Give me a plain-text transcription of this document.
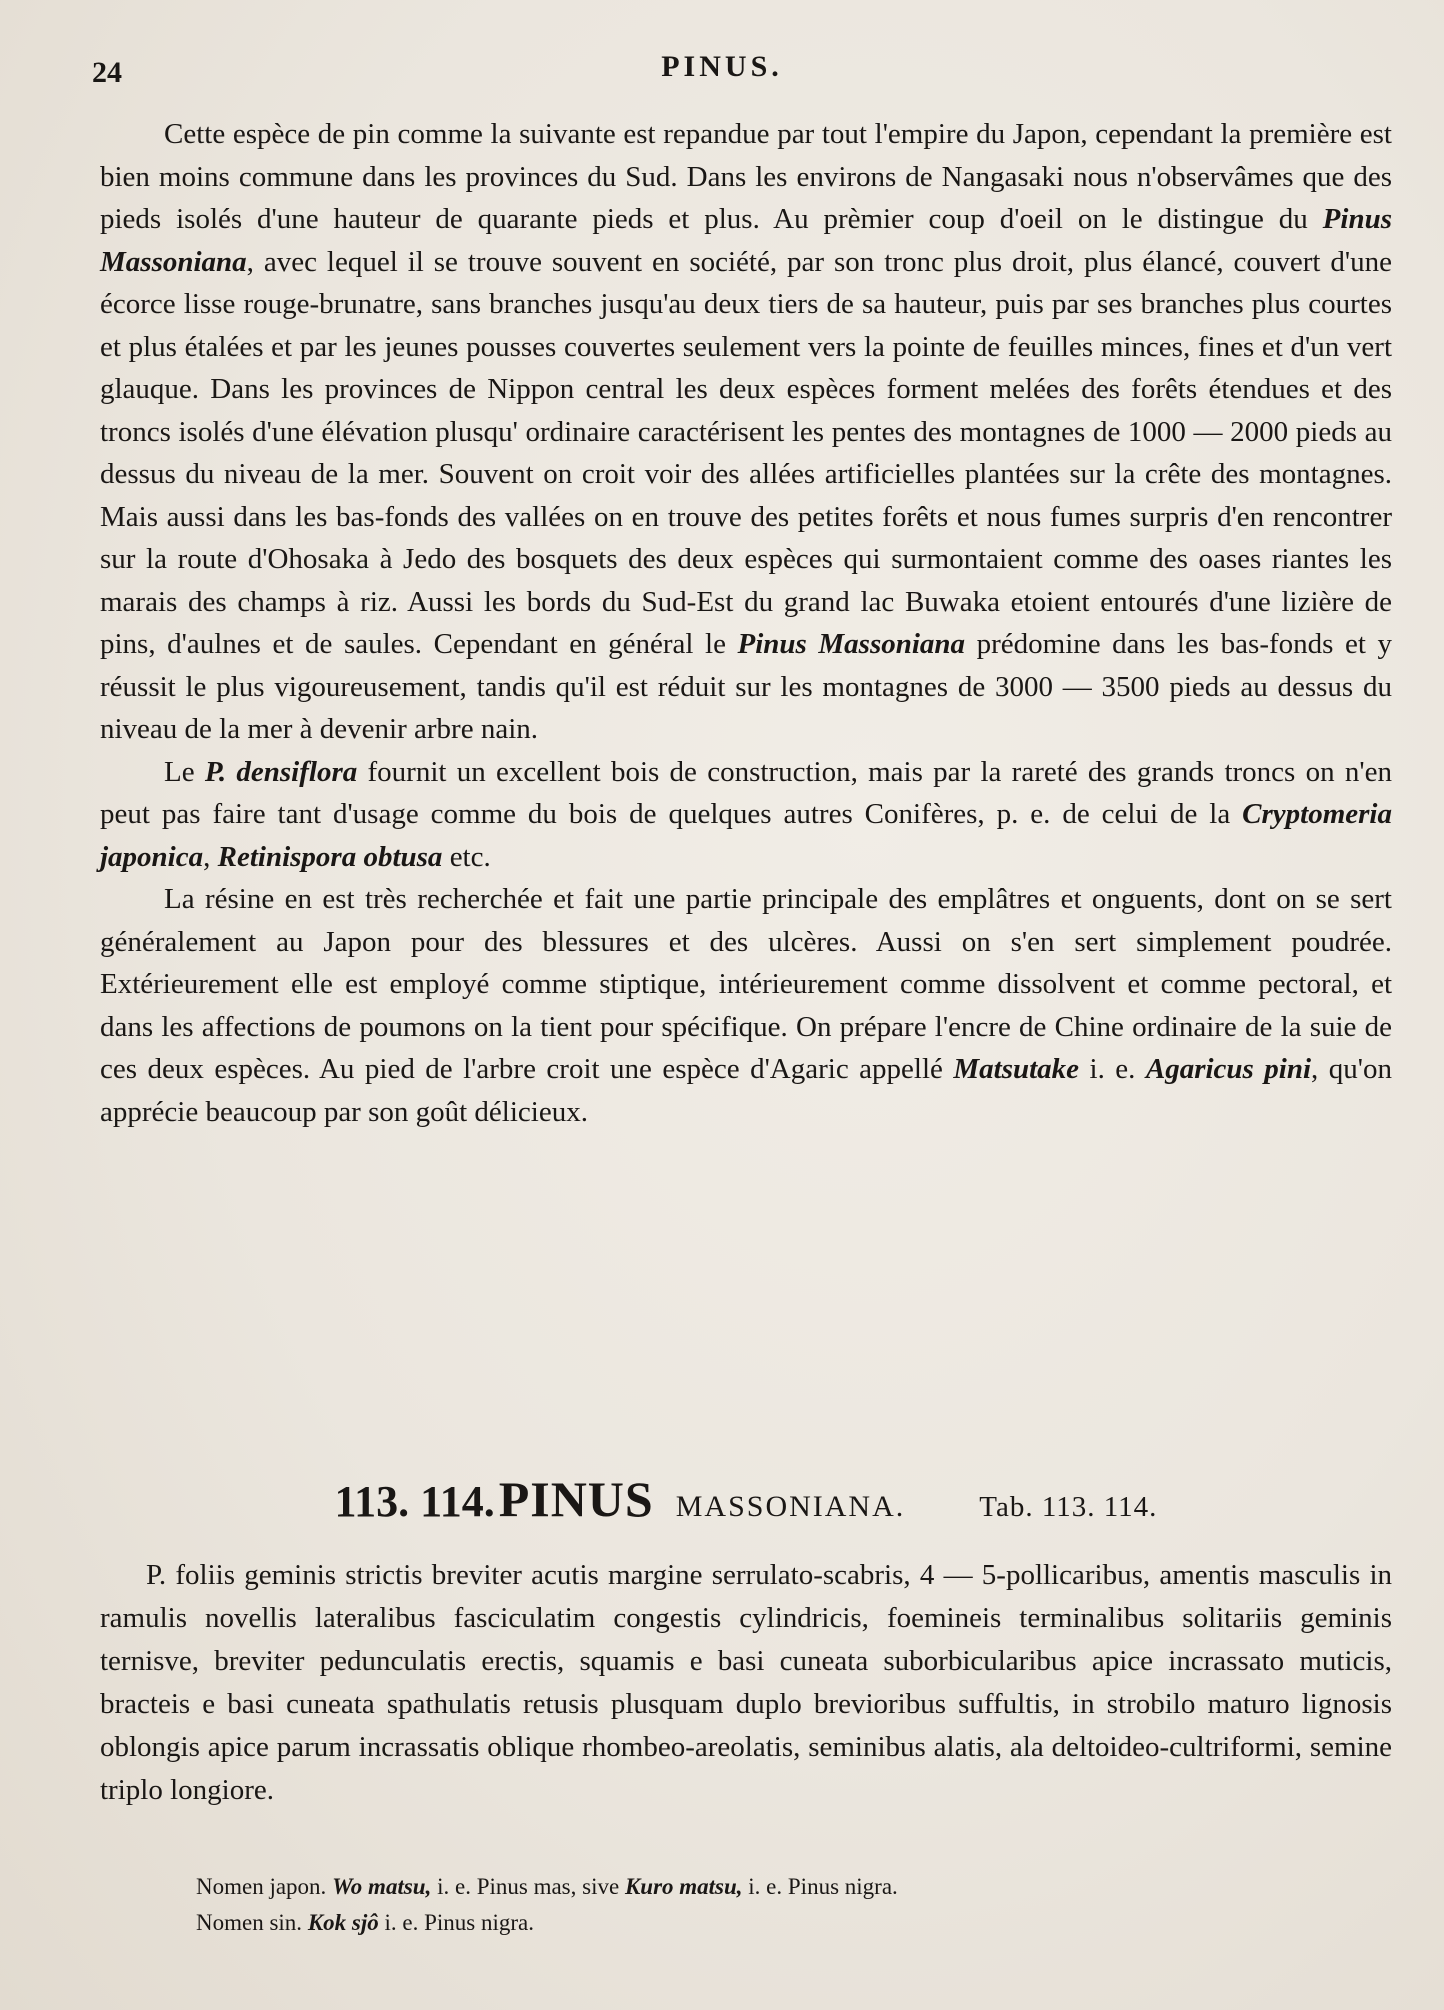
24	PINUS.

Cette espèce de pin comme la suivante est repandue par tout l'empire du Japon, cependant la première est bien moins commune dans les provinces du Sud. Dans les environs de Nangasaki nous n'observâmes que des pieds isolés d'une hauteur de quarante pieds et plus. Au prèmier coup d'oeil on le distingue du Pinus Massoniana, avec lequel il se trouve souvent en société, par son tronc plus droit, plus élancé, couvert d'une écorce lisse rouge-brunatre, sans branches jusqu'au deux tiers de sa hauteur, puis par ses branches plus courtes et plus étalées et par les jeunes pousses couvertes seulement vers la pointe de feuilles minces, fines et d'un vert glauque. Dans les provinces de Nippon central les deux espèces forment melées des forêts étendues et des troncs isolés d'une élévation plusqu' ordinaire caractérisent les pentes des montagnes de 1000 — 2000 pieds au dessus du niveau de la mer. Souvent on croit voir des allées artificielles plantées sur la crête des montagnes. Mais aussi dans les bas-fonds des vallées on en trouve des petites forêts et nous fumes surpris d'en rencontrer sur la route d'Ohosaka à Jedo des bosquets des deux espèces qui surmontaient comme des oases riantes les marais des champs à riz. Aussi les bords du Sud-Est du grand lac Buwaka etoient entourés d'une lizière de pins, d'aulnes et de saules. Cependant en général le Pinus Massoniana prédomine dans les bas-fonds et y réussit le plus vigoureusement, tandis qu'il est réduit sur les montagnes de 3000 — 3500 pieds au dessus du niveau de la mer à devenir arbre nain.

Le P. densiflora fournit un excellent bois de construction, mais par la rareté des grands troncs on n'en peut pas faire tant d'usage comme du bois de quelques autres Conifères, p. e. de celui de la Cryptomeria japonica, Retinispora obtusa etc.

La résine en est très recherchée et fait une partie principale des emplâtres et onguents, dont on se sert généralement au Japon pour des blessures et des ulcères. Aussi on s'en sert simplement poudrée. Extérieurement elle est employé comme stiptique, intérieurement comme dissolvent et comme pectoral, et dans les affections de poumons on la tient pour spécifique. On prépare l'encre de Chine ordinaire de la suie de ces deux espèces. Au pied de l'arbre croit une espèce d'Agaric appellé Matsutake i. e. Agaricus pini, qu'on apprécie beaucoup par son goût délicieux.

113. 114. PINUS MASSONIANA.	Tab. 113. 114.

P. foliis geminis strictis breviter acutis margine serrulato-scabris, 4 — 5-pollicaribus, amentis masculis in ramulis novellis lateralibus fasciculatim congestis cylindricis, foemineis terminalibus solitariis geminis ternisve, breviter pedunculatis erectis, squamis e basi cuneata suborbicularibus apice incrassato muticis, bracteis e basi cuneata spathulatis retusis plusquam duplo brevioribus suffultis, in strobilo maturo lignosis oblongis apice parum incrassatis oblique rhombeo-areolatis, seminibus alatis, ala deltoideo-cultriformi, semine triplo longiore.

Nomen japon. Wo matsu, i. e. Pinus mas, sive Kuro matsu, i. e. Pinus nigra.
Nomen sin. Kok sjô i. e. Pinus nigra.
